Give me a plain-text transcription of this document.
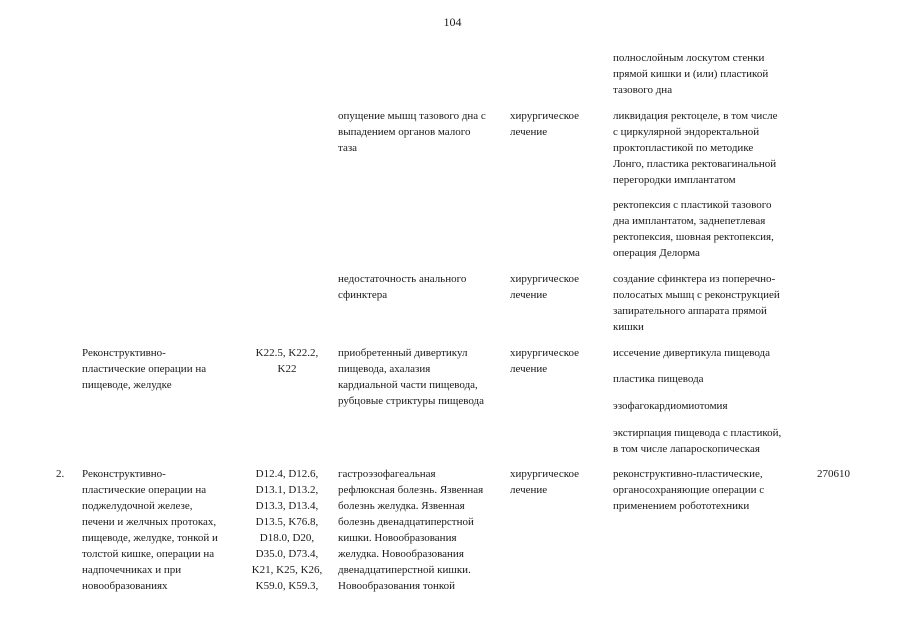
104
полнослойным лоскутом стенки
прямой кишки и (или) пластикой
тазового дна
опущение мышц тазового дна с
выпадением органов малого
таза
хирургическое
лечение
ликвидация ректоцеле, в том числе
с циркулярной эндоректальной
проктопластикой по методике
Лонго, пластика ректовагинальной
перегородки имплантатом
ректопексия с пластикой тазового
дна имплантатом, заднепетлевая
ректопексия, шовная ректопексия,
операция Делорма
недостаточность анального
сфинктера
хирургическое
лечение
создание сфинктера из поперечно-
полосатых мышц с реконструкцией
запирательного аппарата прямой
кишки
Реконструктивно-
пластические операции на
пищеводе, желудке
K22.5, K22.2,
K22
приобретенный дивертикул
пищевода, ахалазия
кардиальной части пищевода,
рубцовые стриктуры пищевода
хирургическое
лечение
иссечение дивертикула пищевода
пластика пищевода
эзофагокардиомиотомия
экстирпация пищевода с пластикой,
в том числе лапароскопическая
2.	Реконструктивно-
пластические операции на
поджелудочной железе,
печени и желчных протоках,
пищеводе, желудке, тонкой и
толстой кишке, операции на
надпочечниках и при
новообразованиях
D12.4, D12.6,
D13.1, D13.2,
D13.3, D13.4,
D13.5, K76.8,
D18.0, D20,
D35.0, D73.4,
K21, K25, K26,
K59.0, K59.3,
гастроэзофагеальная
рефлюксная болезнь. Язвенная
болезнь желудка. Язвенная
болезнь двенадцатиперстной
кишки. Новообразования
желудка. Новообразования
двенадцатиперстной кишки.
Новообразования тонкой
хирургическое
лечение
реконструктивно-пластические,
органосохраняющие операции с
применением робототехники
270610
